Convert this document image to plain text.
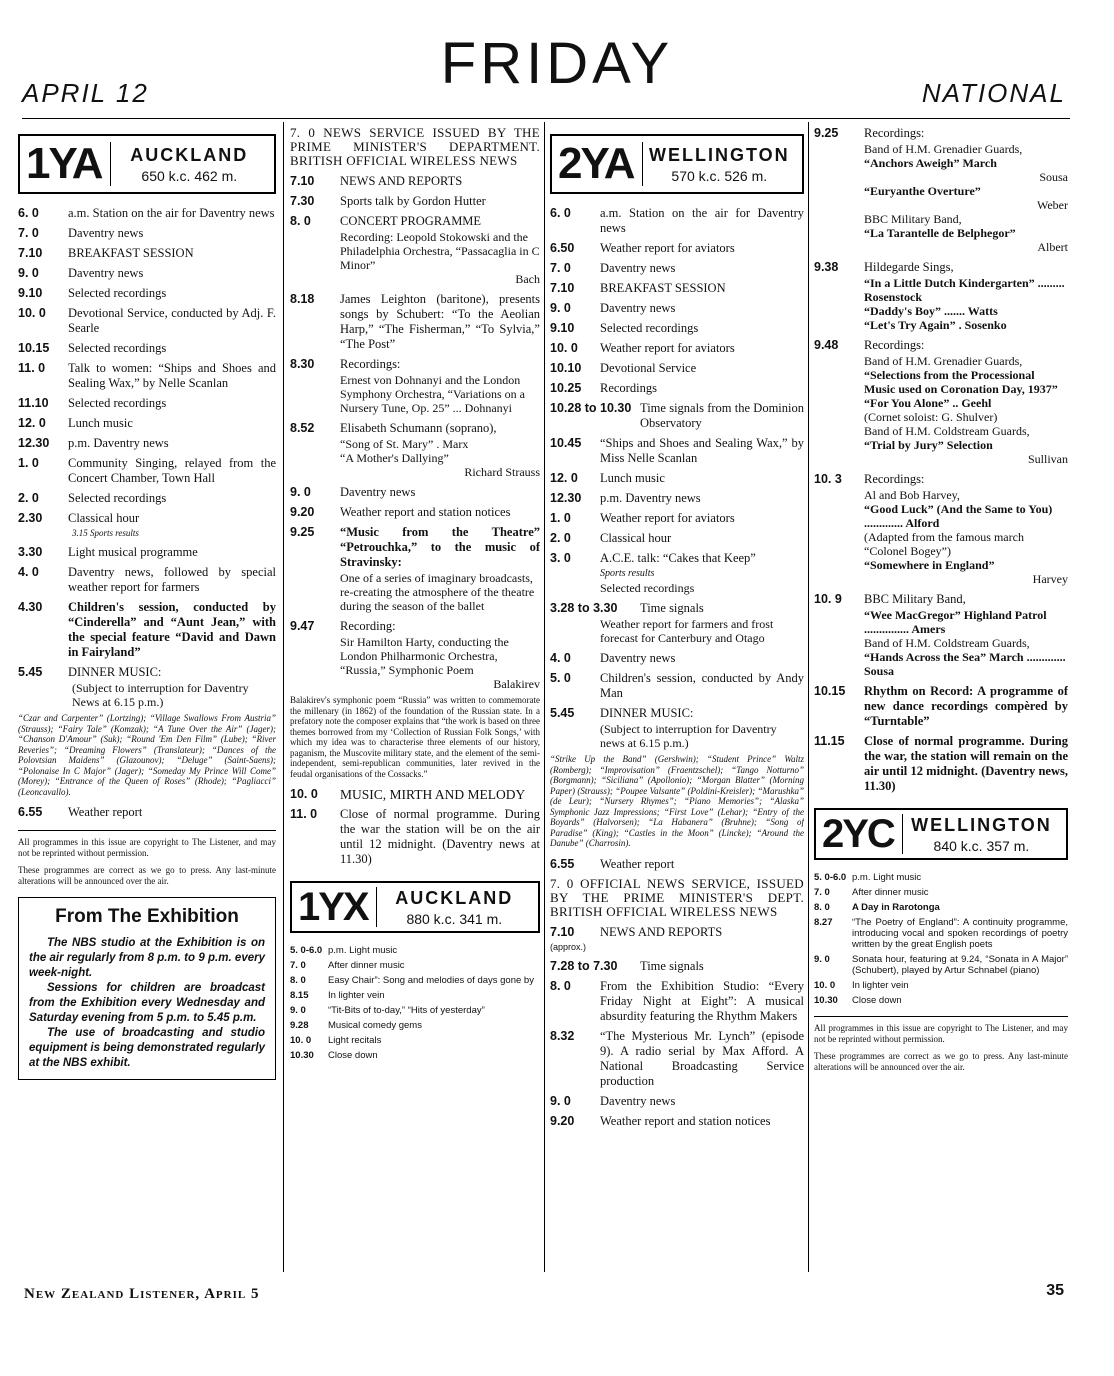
APRIL 12	FRIDAY	NATIONAL
1YA	AUCKLAND
650 k.c. 462 m.
6. 0	a.m. Station on the air for Daventry news
7. 0	Daventry news
7.10	BREAKFAST SESSION
9. 0	Daventry news
9.10	Selected recordings
10. 0	Devotional Service, conducted by Adj. F. Searle
10.15	Selected recordings
11. 0	Talk to women: “Ships and Shoes and Sealing Wax,” by Nelle Scanlan
11.10	Selected recordings
12. 0	Lunch music
12.30	p.m. Daventry news
1. 0	Community Singing, relayed from the Concert Chamber, Town Hall
2. 0	Selected recordings
2.30	Classical hour
3.15 Sports results
3.30	Light musical programme
4. 0	Daventry news, followed by special weather report for farmers
4.30	Children's session, conducted by “Cinderella” and “Aunt Jean,” with the special feature “David and Dawn in Fairyland”
5.45	DINNER MUSIC:
(Subject to interruption for Daventry News at 6.15 p.m.)
“Czar and Carpenter” (Lortzing); “Village Swallows From Austria” (Strauss); “Fairy Tale” (Komzak); “A Tune Over the Air” (Jager); “Chanson D'Amour” (Suk); “Round 'Em Den Film” (Lube); “River Reveries”; “Dreaming Flowers” (Translateur); “Dances of the Polovtsian Maidens” (Glazounov); “Deluge” (Saint-Saens); “Polonaise In C Major” (Jager); “Someday My Prince Will Come” (Morey); “Entrance of the Queen of Roses” (Rhode); “Pagliacci” (Leoncavallo).
6.55	Weather report
All programmes in this issue are copyright to The Listener, and may not be reprinted without permission.
These programmes are correct as we go to press. Any last-minute alterations will be announced over the air.
From The Exhibition

The NBS studio at the Exhibition is on the air regularly from 8 p.m. to 9 p.m. every week-night.

Sessions for children are broadcast from the Exhibition every Wednesday and Saturday evening from 5 p.m. to 5.45 p.m.

The use of broadcasting and studio equipment is being demonstrated regularly at the NBS exhibit.

7. 0 NEWS SERVICE ISSUED BY THE PRIME MINISTER'S DEPARTMENT. BRITISH OFFICIAL WIRELESS NEWS
7.10	NEWS AND REPORTS
7.30	Sports talk by Gordon Hutter
8. 0	CONCERT PROGRAMME
Recording: Leopold Stokowski and the Philadelphia Orchestra, “Passacaglia in C Minor”
Bach
8.18	James Leighton (baritone), presents songs by Schubert: “To the Aeolian Harp,” “The Fisherman,” “To Sylvia,” “The Post”
8.30	Recordings:
Ernest von Dohnanyi and the London Symphony Orchestra, “Variations on a Nursery Tune, Op. 25” ... Dohnanyi
8.52	Elisabeth Schumann (soprano),
“Song of St. Mary” . Marx
“A Mother's Dallying”
Richard Strauss
9. 0	Daventry news
9.20	Weather report and station notices
9.25	“Music from the Theatre” “Petrouchka,” to the music of Stravinsky:
One of a series of imaginary broadcasts, re-creating the atmosphere of the theatre during the season of the ballet
9.47	Recording:
Sir Hamilton Harty, conducting the London Philharmonic Orchestra,
“Russia,” Symphonic Poem
Balakirev
Balakirev's symphonic poem “Russia” was written to commemorate the millenary (in 1862) of the foundation of the Russian state. In a prefatory note the composer explains that “the work is based on three themes borrowed from my ‘Collection of Russian Folk Songs,’ with which my idea was to characterise three elements of our history, paganism, the Muscovite military state, and the element of the semi-independent, semi-republican communities, later revived in the feudal organisations of the Cossacks.”
10. 0	MUSIC, MIRTH AND MELODY
11. 0	Close of normal programme. During the war the station will be on the air until 12 midnight. (Daventry news at 11.30)
1YX	AUCKLAND
880 k.c. 341 m.
5. 0-6.0 p.m. Light music
7. 0	After dinner music
8. 0	Easy Chair”: Song and melodies of days gone by
8.15	In lighter vein
9. 0	“Tit-Bits of to-day,” “Hits of yesterday”
9.28	Musical comedy gems
10. 0	Light recitals
10.30	Close down
2YA WELLINGTON
570 k.c. 526 m.
6. 0	a.m. Station on the air for Daventry news
6.50	Weather report for aviators
7. 0	Daventry news
7.10	BREAKFAST SESSION
9. 0	Daventry news
9.10	Selected recordings
10. 0	Weather report for aviators
10.10	Devotional Service
10.25	Recordings
10.28 to 10.30 Time signals from the Dominion Observatory
10.45	“Ships and Shoes and Sealing Wax,” by Miss Nelle Scanlan
12. 0	Lunch music
12.30	p.m. Daventry news
1. 0	Weather report for aviators
2. 0	Classical hour
3. 0	A.C.E. talk: “Cakes that Keep”
Sports results
Selected recordings
3.28 to 3.30	Time signals
Weather report for farmers and frost forecast for Canterbury and Otago
4. 0	Daventry news
5. 0	Children's session, conducted by Andy Man
5.45	DINNER MUSIC:
(Subject to interruption for Daventry news at 6.15 p.m.)
“Strike Up the Band” (Gershwin); “Student Prince” Waltz (Romberg); “Improvisation” (Fraentzschel); “Tango Notturno” (Borgmann); “Siciliana” (Apollonio); “Morgan Blatter” (Morning Paper) (Strauss); “Poupee Valsante” (Poldini-Kreisler); “Marushka” (de Leur); “Nursery Rhymes”; “Piano Memories”; “Alaska” Symphonic Jazz Impressions; “First Love” (Lehar); “Entry of the Boyards” (Halvorsen); “La Habanera” (Bruhne); “Song of Paradise” (King); “Castles in the Moon” (Lincke); “Around the Danube” (Charrosin).
6.55	Weather report
7. 0 OFFICIAL NEWS SERVICE, ISSUED BY THE PRIME MINISTER'S DEPT. BRITISH OFFICIAL WIRELESS NEWS
7.10	NEWS AND REPORTS
(approx.)
7.28 to 7.30	Time signals
8. 0	From the Exhibition Studio: “Every Friday Night at Eight”: A musical absurdity featuring the Rhythm Makers
8.32	“The Mysterious Mr. Lynch” (episode 9). A radio serial by Max Afford. A National Broadcasting Service production
9. 0	Daventry news
9.20	Weather report and station notices
9.25	Recordings:
Band of H.M. Grenadier Guards,
“Anchors Aweigh” March
Sousa
“Euryanthe Overture”
Weber
BBC Military Band,
“La Tarantelle de Belphegor”
Albert
9.38	Hildegarde Sings,
“In a Little Dutch Kindergarten” ......... Rosenstock
“Daddy's Boy” ....... Watts
“Let's Try Again” . Sosenko
9.48	Recordings:
Band of H.M. Grenadier Guards,
“Selections from the Processional Music used on Coronation Day, 1937”
“For You Alone” .. Geehl
(Cornet soloist: G. Shulver)
Band of H.M. Coldstream Guards,
“Trial by Jury” Selection
Sullivan
10. 3	Recordings:
Al and Bob Harvey,
“Good Luck” (And the Same to You) ............. Alford
(Adapted from the famous march “Colonel Bogey”)
“Somewhere in England”
Harvey
10. 9	BBC Military Band,
“Wee MacGregor” Highland Patrol ............... Amers
Band of H.M. Coldstream Guards,
“Hands Across the Sea” March ............. Sousa
10.15	Rhythm on Record: A programme of new dance recordings compèred by “Turntable”
11.15	Close of normal programme. During the war, the station will remain on the air until 12 midnight. (Daventry news, 11.30)
2YC WELLINGTON
840 k.c. 357 m.
5. 0-6.0 p.m. Light music
7. 0	After dinner music
8. 0	A Day in Rarotonga
8.27	“The Poetry of England”: A continuity programme, introducing vocal and spoken recordings of poetry written by the great English poets
9. 0	Sonata hour, featuring at 9.24, “Sonata in A Major” (Schubert), played by Artur Schnabel (piano)
10. 0	In lighter vein
10.30	Close down
All programmes in this issue are copyright to The Listener, and may not be reprinted without permission.
These programmes are correct as we go to press. Any last-minute alterations will be announced over the air.
New Zealand Listener, April 5	35
